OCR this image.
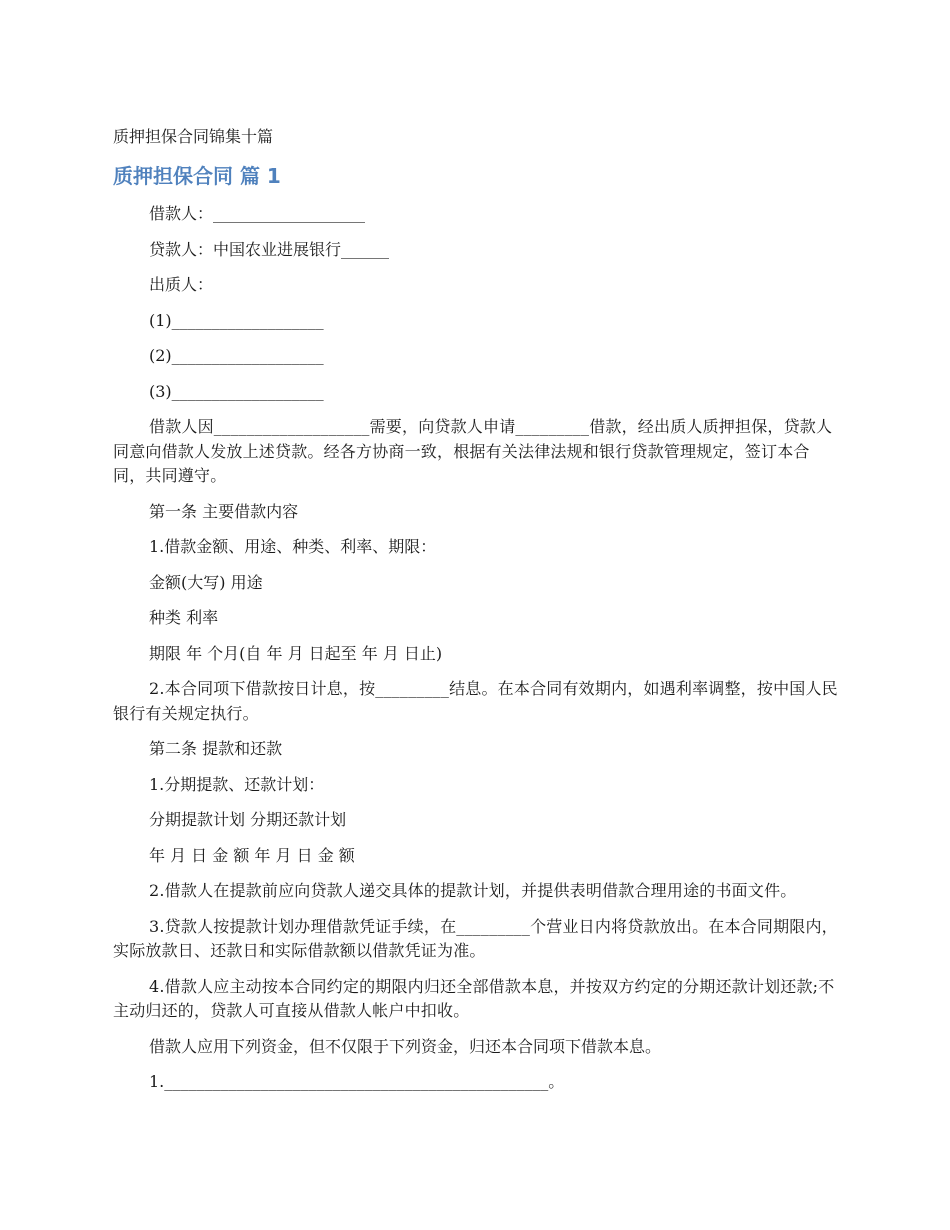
质押担保合同锦集十篇
质押担保合同 篇 1

借款人：___________________

贷款人：中国农业进展银行______

出质人：

(1)___________________

(2)___________________

(3)___________________

借款人因___________________需要，向贷款人申请_________借款，经出质人质押担保，贷款人同意向借款人发放上述贷款。经各方协商一致，根据有关法律法规和银行贷款管理规定，签订本合同，共同遵守。

第一条 主要借款内容

1.借款金额、用途、种类、利率、期限：

金额(大写) 用途

种类 利率

期限 年 个月(自 年 月 日起至 年 月 日止)

2.本合同项下借款按日计息，按_________结息。在本合同有效期内，如遇利率调整，按中国人民银行有关规定执行。

第二条 提款和还款

1.分期提款、还款计划：

分期提款计划 分期还款计划

年 月 日 金 额 年 月 日 金 额

2.借款人在提款前应向贷款人递交具体的提款计划，并提供表明借款合理用途的书面文件。

3.贷款人按提款计划办理借款凭证手续，在_________个营业日内将贷款放出。在本合同期限内，实际放款日、还款日和实际借款额以借款凭证为准。

4.借款人应主动按本合同约定的期限内归还全部借款本息，并按双方约定的分期还款计划还款;不主动归还的，贷款人可直接从借款人帐户中扣收。

借款人应用下列资金，但不仅限于下列资金，归还本合同项下借款本息。

1.________________________________________________。
